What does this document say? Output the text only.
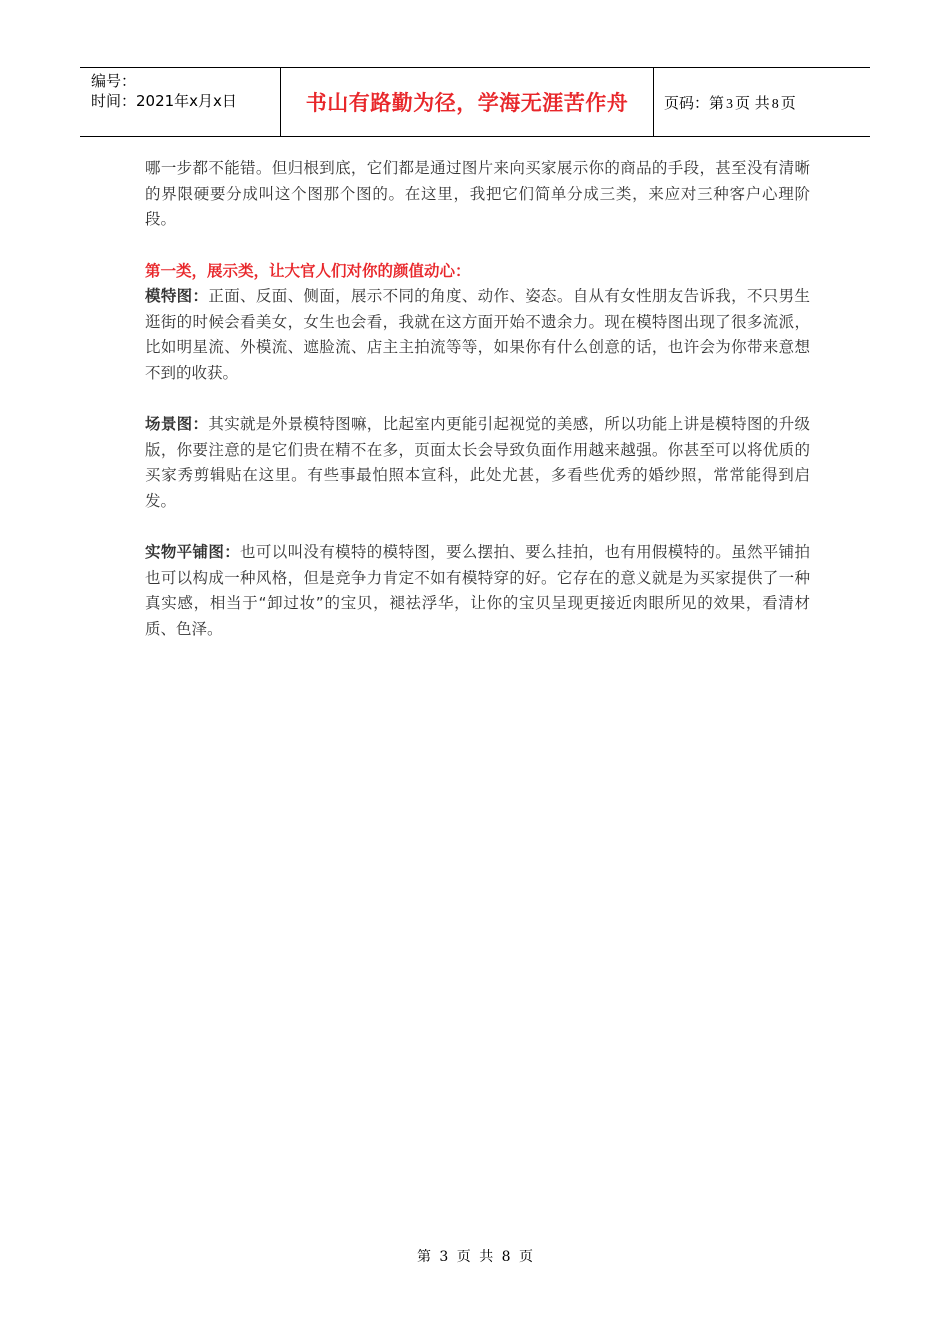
编号：
时间：2021年x月x日	书山有路勤为径，学海无涯苦作舟 页码：第 3 页 共 8 页

哪一步都不能错。但归根到底，它们都是通过图片来向买家展示你的商品的手段，甚至没有清晰的界限硬要分成叫这个图那个图的。在这里，我把它们简单分成三类，来应对三种客户心理阶段。

第一类，展示类，让大官人们对你的颜值动心：

模特图：正面、反面、侧面，展示不同的角度、动作、姿态。自从有女性朋友告诉我，不只男生逛街的时候会看美女，女生也会看，我就在这方面开始不遗余力。现在模特图出现了很多流派，比如明星流、外模流、遮脸流、店主主拍流等等，如果你有什么创意的话，也许会为你带来意想不到的收获。

场景图：其实就是外景模特图嘛，比起室内更能引起视觉的美感，所以功能上讲是模特图的升级版，你要注意的是它们贵在精不在多，页面太长会导致负面作用越来越强。你甚至可以将优质的买家秀剪辑贴在这里。有些事最怕照本宣科，此处尤甚，多看些优秀的婚纱照，常常能得到启发。

实物平铺图：也可以叫没有模特的模特图，要么摆拍、要么挂拍，也有用假模特的。虽然平铺拍也可以构成一种风格，但是竞争力肯定不如有模特穿的好。它存在的意义就是为买家提供了一种真实感，相当于“卸过妆”的宝贝，褪祛浮华，让你的宝贝呈现更接近肉眼所见的效果，看清材质、色泽。

第 3 页 共 8 页
